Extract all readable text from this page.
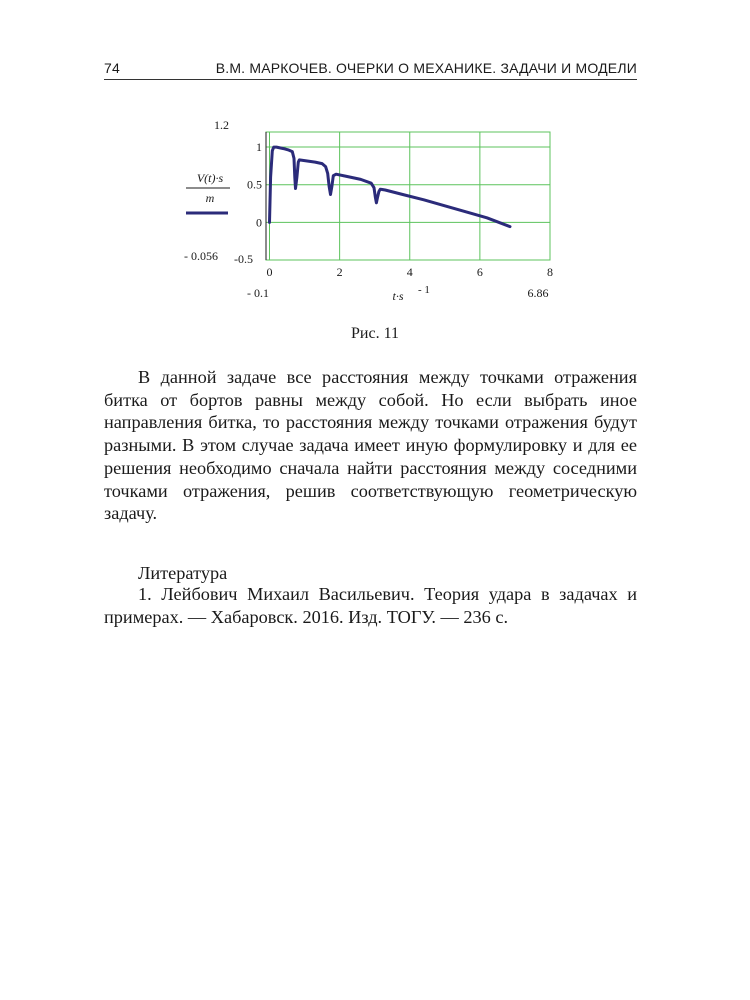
74	В.М. МАРКОЧЕВ. ОЧЕРКИ О МЕХАНИКЕ. ЗАДАЧИ И МОДЕЛИ
0	2	4	6	8
0
0.5
1
V(t)·s
m
1.2
-0.5
- 0.056
- 0.1	6.86
t·s - 1
Рис. 11

В данной задаче все расстояния между точками отражения битка от бортов равны между собой. Но если выбрать иное направления битка, то расстояния между точками отражения будут разными. В этом случае задача имеет иную формулировку и для ее решения необходимо сначала найти расстояния между соседними точками отражения, решив соответствующую геометрическую задачу.

Литература

1. Лейбович Михаил Васильевич. Теория удара в задачах и примерах. — Хабаровск. 2016. Изд. ТОГУ. — 236 с.
